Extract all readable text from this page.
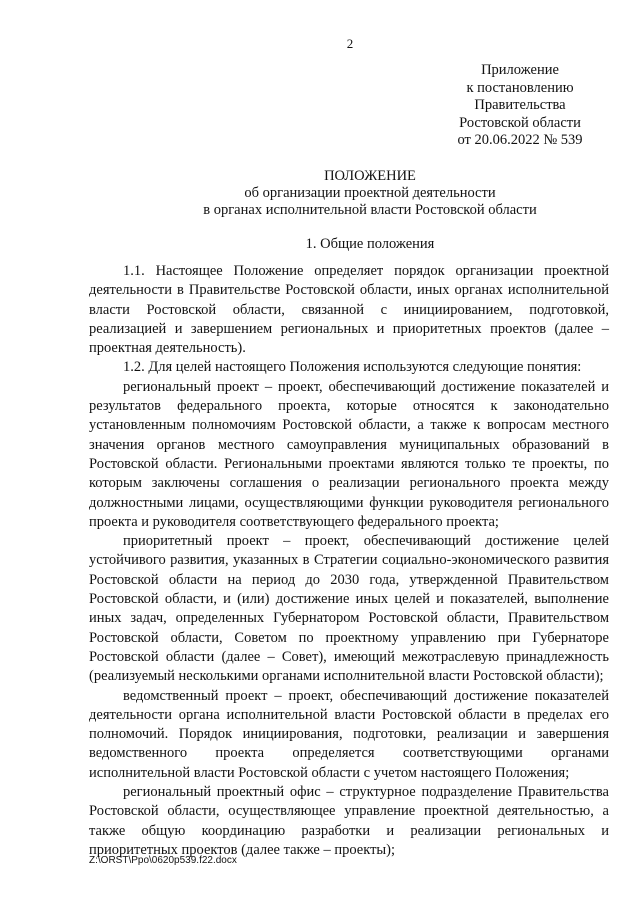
2
Приложение
к постановлению
Правительства
Ростовской области
от 20.06.2022 № 539
ПОЛОЖЕНИЕ
об организации проектной деятельности
в органах исполнительной власти Ростовской области
1. Общие положения

1.1. Настоящее Положение определяет порядок организации проектной деятельности в Правительстве Ростовской области, иных органах исполнительной власти Ростовской области, связанной с инициированием, подготовкой, реализацией и завершением региональных и приоритетных проектов (далее – проектная деятельность).

1.2. Для целей настоящего Положения используются следующие понятия:

региональный проект – проект, обеспечивающий достижение показателей и результатов федерального проекта, которые относятся к законодательно установленным полномочиям Ростовской области, а также к вопросам местного значения органов местного самоуправления муниципальных образований в Ростовской области. Региональными проектами являются только те проекты, по которым заключены соглашения о реализации регионального проекта между должностными лицами, осуществляющими функции руководителя регионального проекта и руководителя соответствующего федерального проекта;

приоритетный проект – проект, обеспечивающий достижение целей устойчивого развития, указанных в Стратегии социально-экономического развития Ростовской области на период до 2030 года, утвержденной Правительством Ростовской области, и (или) достижение иных целей и показателей, выполнение иных задач, определенных Губернатором Ростовской области, Правительством Ростовской области, Советом по проектному управлению при Губернаторе Ростовской области (далее – Совет), имеющий межотраслевую принадлежность (реализуемый несколькими органами исполнительной власти Ростовской области);

ведомственный проект – проект, обеспечивающий достижение показателей деятельности органа исполнительной власти Ростовской области в пределах его полномочий. Порядок инициирования, подготовки, реализации и завершения ведомственного проекта определяется соответствующими органами исполнительной власти Ростовской области с учетом настоящего Положения;

региональный проектный офис – структурное подразделение Правительства Ростовской области, осуществляющее управление проектной деятельностью, а также общую координацию разработки и реализации региональных и приоритетных проектов (далее также – проекты);

Z:\ORST\Ppo\0620p539.f22.docx
